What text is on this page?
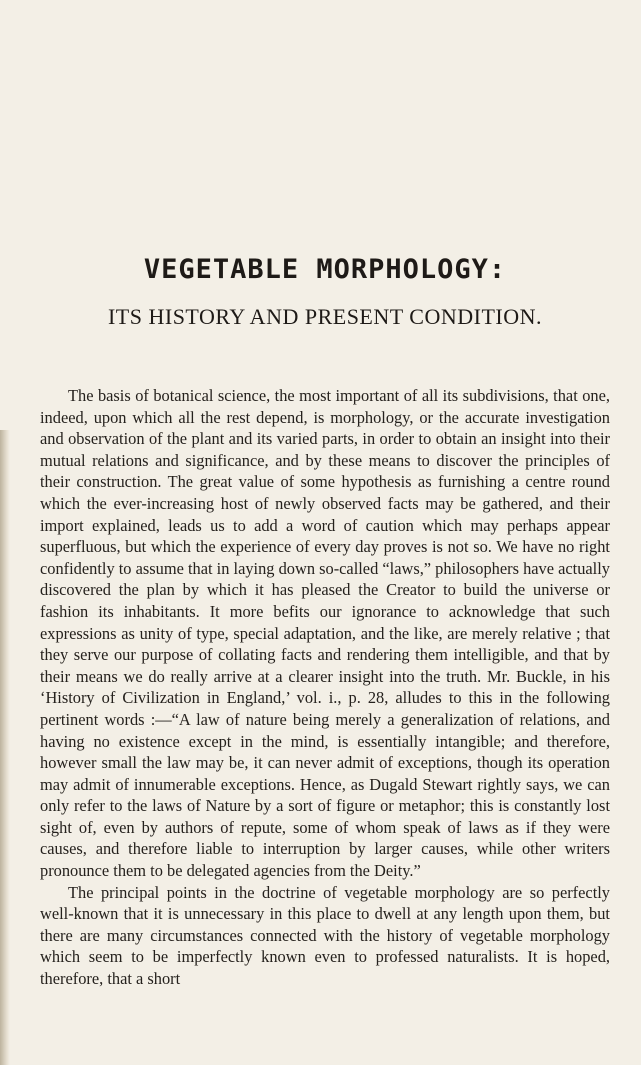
VEGETABLE MORPHOLOGY:
ITS HISTORY AND PRESENT CONDITION.

The basis of botanical science, the most important of all its subdivisions, that one, indeed, upon which all the rest depend, is morphology, or the accurate investigation and observation of the plant and its varied parts, in order to obtain an insight into their mutual relations and significance, and by these means to discover the principles of their construction. The great value of some hypothesis as furnishing a centre round which the ever-increasing host of newly observed facts may be gathered, and their import explained, leads us to add a word of caution which may perhaps appear superfluous, but which the experience of every day proves is not so. We have no right confidently to assume that in laying down so-called “laws,” philosophers have actually discovered the plan by which it has pleased the Creator to build the universe or fashion its inhabitants. It more befits our ignorance to acknowledge that such expressions as unity of type, special adaptation, and the like, are merely relative ; that they serve our purpose of collating facts and rendering them intelligible, and that by their means we do really arrive at a clearer insight into the truth. Mr. Buckle, in his ‘History of Civilization in England,’ vol. i., p. 28, alludes to this in the following pertinent words :—“A law of nature being merely a generalization of relations, and having no existence except in the mind, is essentially intangible; and therefore, however small the law may be, it can never admit of exceptions, though its operation may admit of innumerable exceptions. Hence, as Dugald Stewart rightly says, we can only refer to the laws of Nature by a sort of figure or metaphor; this is constantly lost sight of, even by authors of repute, some of whom speak of laws as if they were causes, and therefore liable to interruption by larger causes, while other writers pronounce them to be delegated agencies from the Deity.”

The principal points in the doctrine of vegetable morphology are so perfectly well-known that it is unnecessary in this place to dwell at any length upon them, but there are many circumstances connected with the history of vegetable morphology which seem to be imperfectly known even to professed naturalists. It is hoped, therefore, that a short
